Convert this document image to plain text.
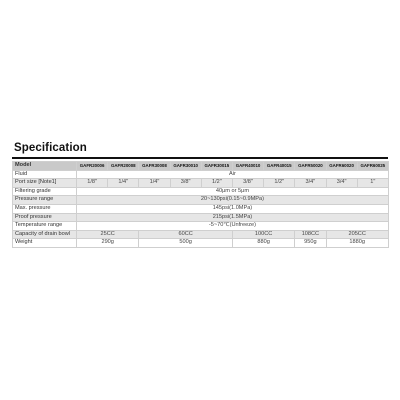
Specification
Model	GAFR20006	GAFR20008	GAFR30008	GAFR30010	GAFR30015	GAFR40010	GAFR40015	GAFR50020	GAFR60020	GAFR60025
Fluid	Air									
Port size [Note1]	1/8"	1/4"	1/4"	3/8"	1/2"	3/8"	1/2"	3/4"	3/4"	1"
Filtering grade	40μm or 5μm									
Pressure range	20~130psi(0.15~0.9MPa)									
Max. pressure	145psi(1.0MPa)									
Proof pressure	215psi(1.5MPa)									
Temperature range	-5~70℃(Unfreeze)									
Capacity of drain bowl	25CC		60CC			100CC		108CC	205CC	
Weight	290g		500g			880g		950g	1880g	
